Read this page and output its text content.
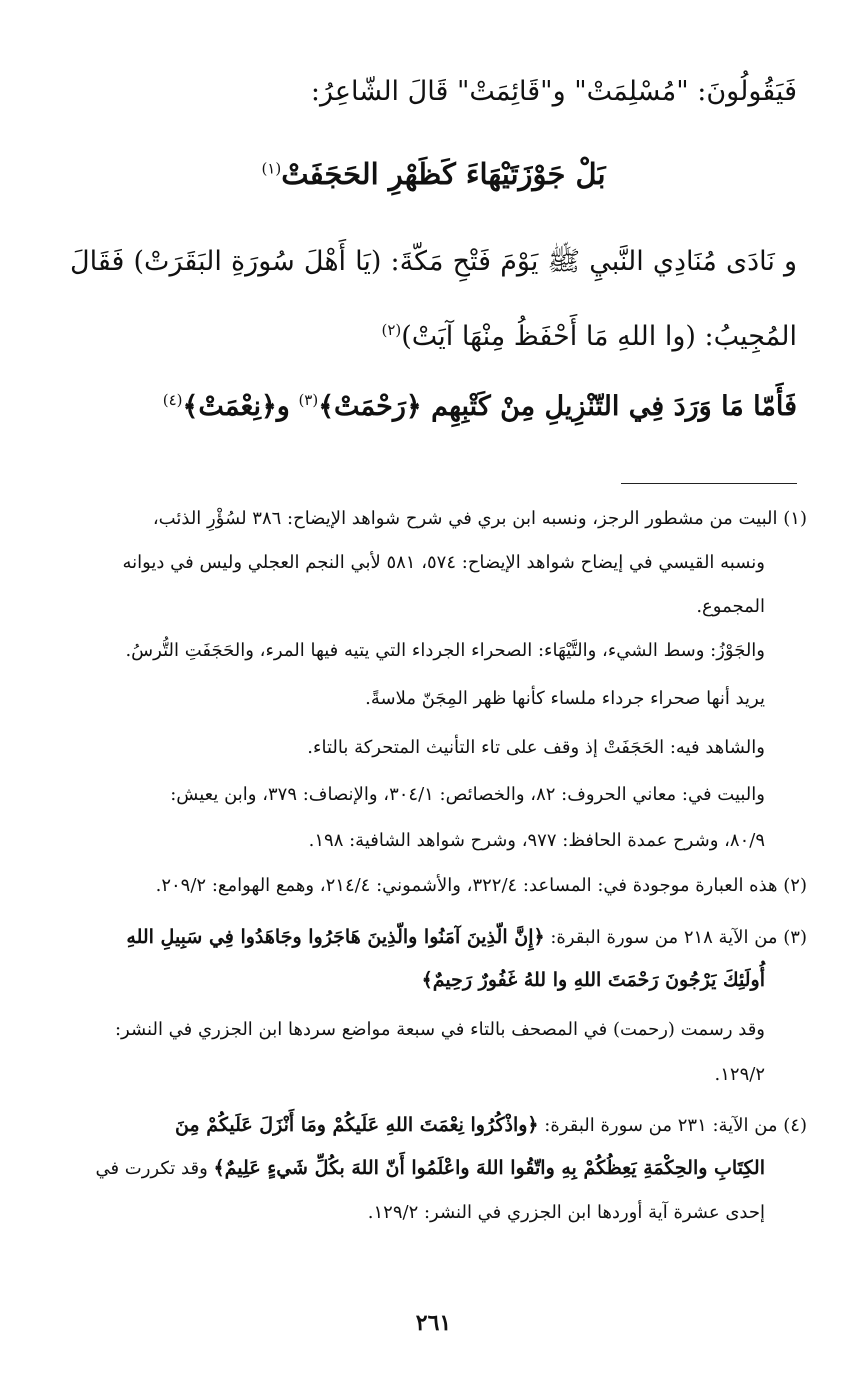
فَيَقُولُونَ: "مُسْلِمَتْ" و"قَائِمَتْ" قَالَ الشّاعِرُ:
بَلْ جَوْزَتَيْهَاءَ كَظَهْرِ الحَجَفَتْ$^{(١)}$
و نَادَى مُنَادِي النَّبيِ ﷺ يَوْمَ فَتْحِ مَكّةَ: (يَا أَهْلَ سُورَةِ البَقَرَتْ) فَقَالَ
المُجِيبُ: (وا اللهِ مَا أَحْفَظُ مِنْهَا آيَتْ)$^{(٢)}$
فَأَمّا مَا وَرَدَ فِي التّنْزِيلِ مِنْ كَتْبِهِم ﴿رَحْمَتْ﴾$^{(٣)}$ و﴿نِعْمَتْ﴾$^{(٤)}$
(١) البيت من مشطور الرجز، ونسبه ابن بري في شرح شواهد الإيضاح: ٣٨٦ لسُؤْرِ الذئب،
ونسبه القيسي في إيضاح شواهد الإيضاح: ٥٧٤، ٥٨١ لأبي النجم العجلي وليس في ديوانه
المجموع.
والجَوْزُ: وسط الشيء، والتَّيْهَاء: الصحراء الجرداء التي يتيه فيها المرء، والحَجَفَتِ التُّرسُ.
يريد أنها صحراء جرداء ملساء كأنها ظهر المِجَنّ ملاسةً.
والشاهد فيه: الحَجَفَتْ إذ وقف على تاء التأنيث المتحركة بالتاء.
والبيت في: معاني الحروف: ٨٢، والخصائص: ٣٠٤/١، والإنصاف: ٣٧٩، وابن يعيش:
٨٠/٩، وشرح عمدة الحافظ: ٩٧٧، وشرح شواهد الشافية: ١٩٨.
(٢) هذه العبارة موجودة في: المساعد: ٣٢٢/٤، والأشموني: ٢١٤/٤، وهمع الهوامع: ٢٠٩/٢.
(٣) من الآية ٢١٨ من سورة البقرة: ﴿إِنَّ الّذِينَ آمَنُوا والّذِينَ هَاجَرُوا وجَاهَدُوا فِي سَبِيلِ اللهِ
أُولَئِكَ يَرْجُونَ رَحْمَتَ اللهِ وا للهُ غَفُورٌ رَحِيمٌ﴾
وقد رسمت (رحمت) في المصحف بالتاء في سبعة مواضع سردها ابن الجزري في النشر:
١٢٩/٢.
(٤) من الآية: ٢٣١ من سورة البقرة: ﴿واذْكُرُوا نِعْمَتَ اللهِ عَلَيكُمْ ومَا أَنْزَلَ عَلَيكُمْ مِنَ
الكِتَابِ والحِكْمَةِ يَعِظُكُمْ بِهِ واتّقُوا اللهَ واعْلَمُوا أَنّ اللهَ بكُلِّ شَيءٍ عَلِيمٌ﴾ وقد تكررت في
إحدى عشرة آية أوردها ابن الجزري في النشر: ١٢٩/٢.
٢٦١
